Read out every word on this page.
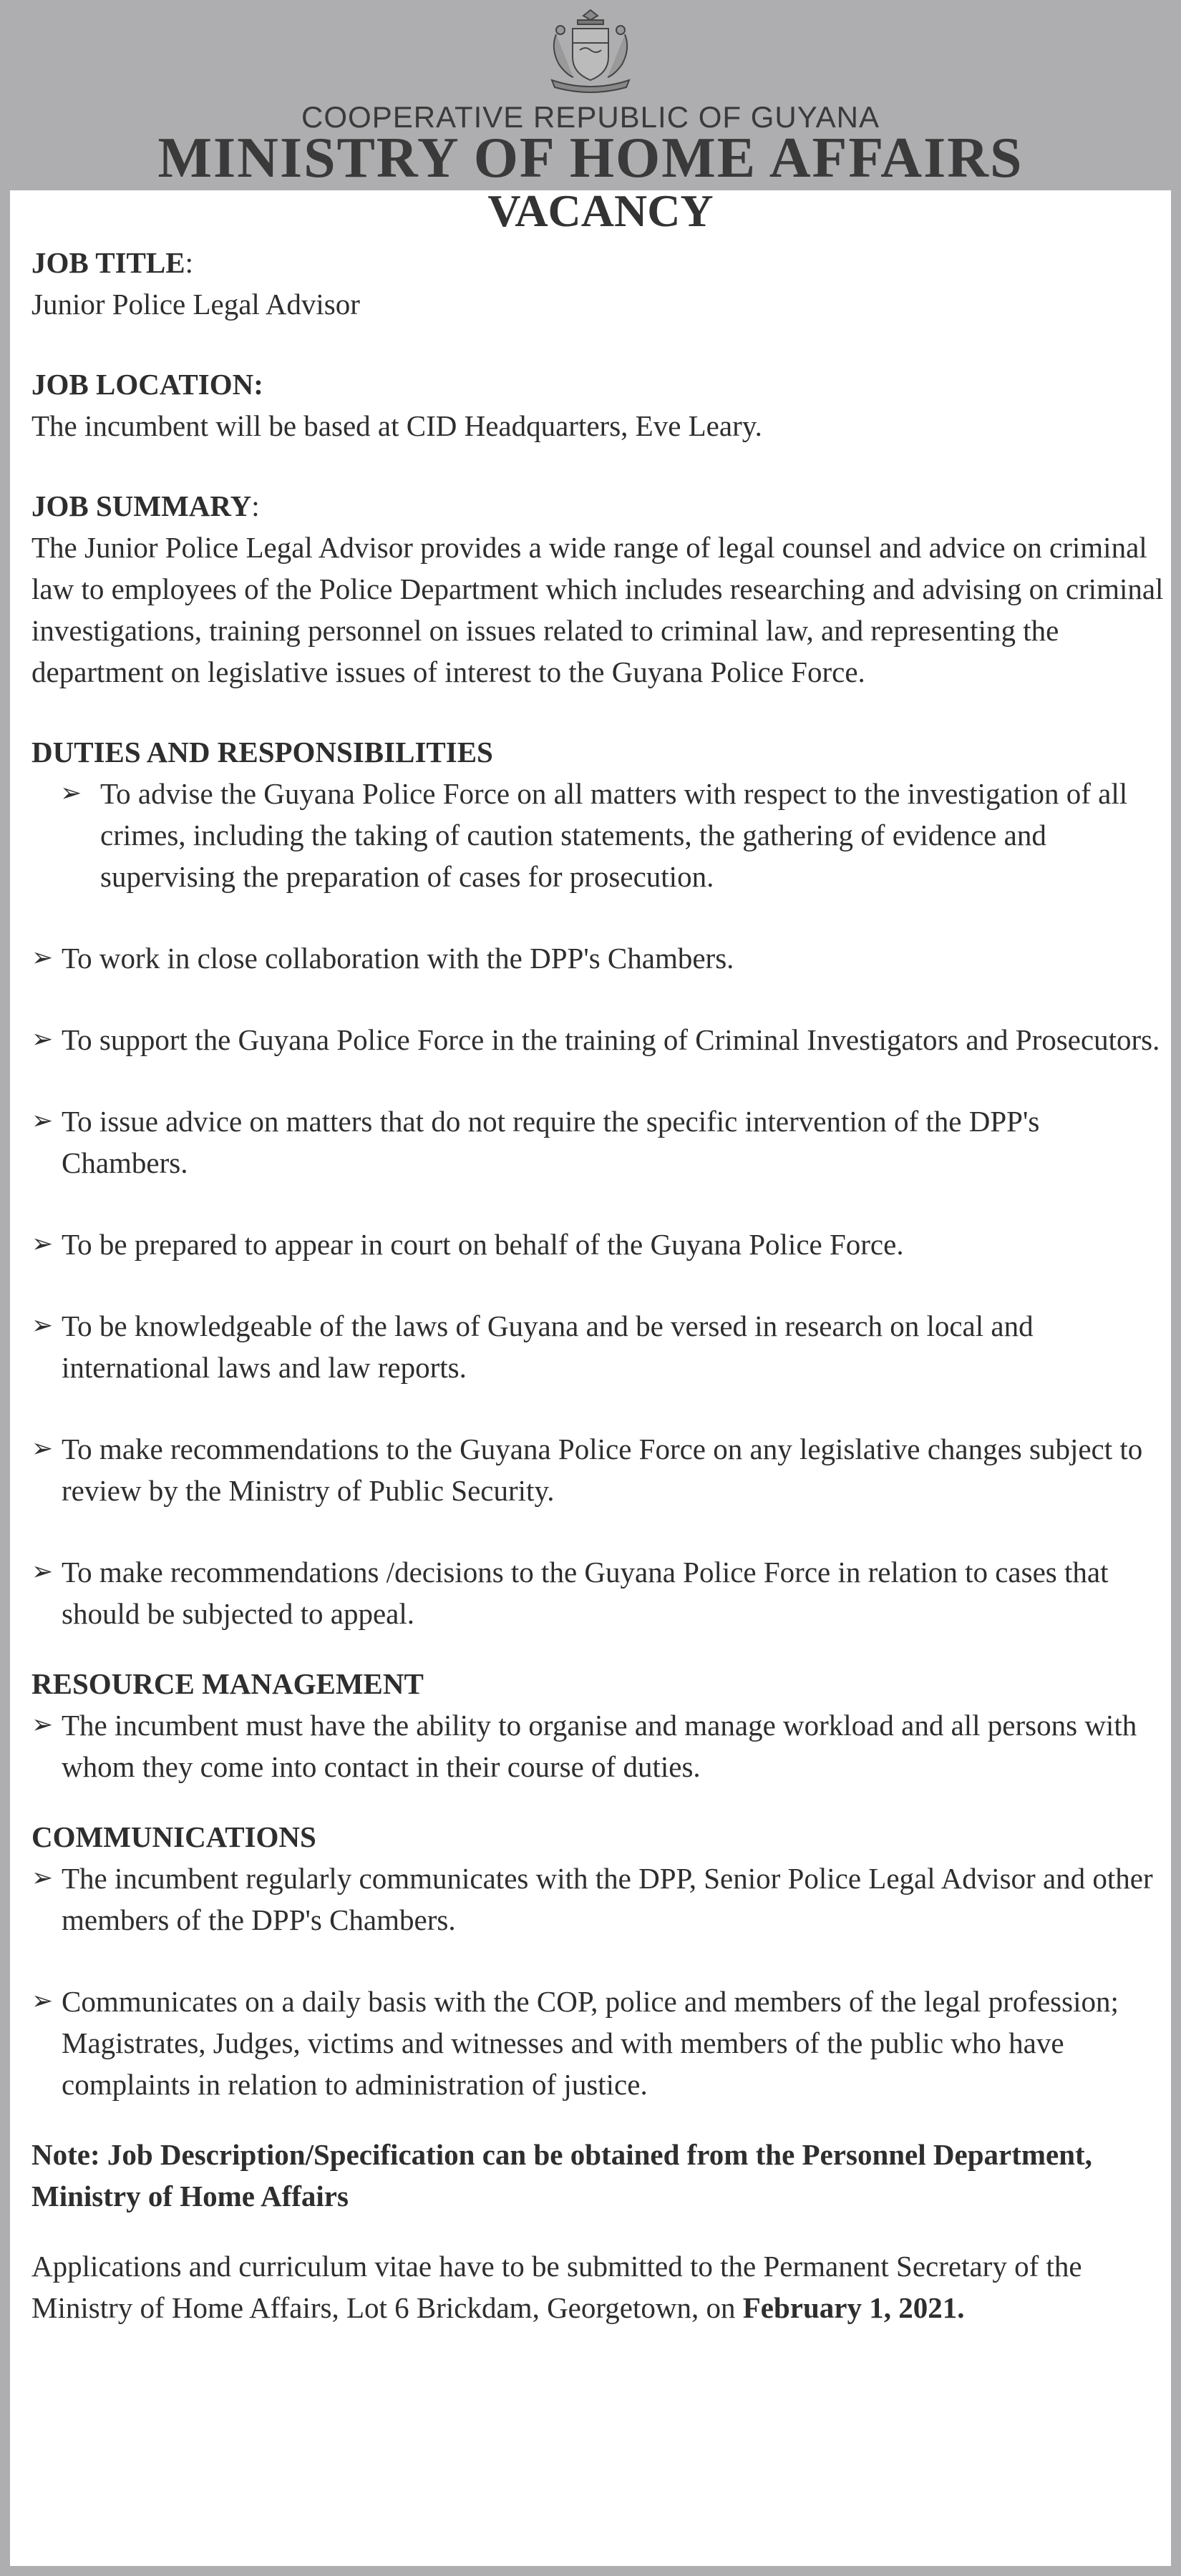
COOPERATIVE REPUBLIC OF GUYANA
MINISTRY OF HOME AFFAIRS
VACANCY

JOB TITLE:

Junior Police Legal Advisor

JOB LOCATION:

The incumbent will be based at CID Headquarters, Eve Leary.

JOB SUMMARY:

The Junior Police Legal Advisor provides a wide range of legal counsel and advice on criminal law to employees of the Police Department which includes researching and advising on criminal investigations, training personnel on issues related to criminal law, and representing the department on legislative issues of interest to the Guyana Police Force.

DUTIES AND RESPONSIBILITIES

➢ To advise the Guyana Police Force on all matters with respect to the investigation of all crimes, including the taking of caution statements, the gathering of evidence and supervising the preparation of cases for prosecution.
➢ To work in close collaboration with the DPP's Chambers.
➢ To support the Guyana Police Force in the training of Criminal Investigators and Prosecutors.
➢ To issue advice on matters that do not require the specific intervention of the DPP's Chambers.
➢ To be prepared to appear in court on behalf of the Guyana Police Force.
➢ To be knowledgeable of the laws of Guyana and be versed in research on local and international laws and law reports.
➢ To make recommendations to the Guyana Police Force on any legislative changes subject to review by the Ministry of Public Security.
➢ To make recommendations /decisions to the Guyana Police Force in relation to cases that should be subjected to appeal.

RESOURCE MANAGEMENT

➢ The incumbent must have the ability to organise and manage workload and all persons with whom they come into contact in their course of duties.

COMMUNICATIONS

➢ The incumbent regularly communicates with the DPP, Senior Police Legal Advisor and other members of the DPP's Chambers.
➢ Communicates on a daily basis with the COP, police and members of the legal profession; Magistrates, Judges, victims and witnesses and with members of the public who have complaints in relation to administration of justice.

Note: Job Description/Specification can be obtained from the Personnel Department, Ministry of Home Affairs

Applications and curriculum vitae have to be submitted to the Permanent Secretary of the Ministry of Home Affairs, Lot 6 Brickdam, Georgetown, on February 1, 2021.
